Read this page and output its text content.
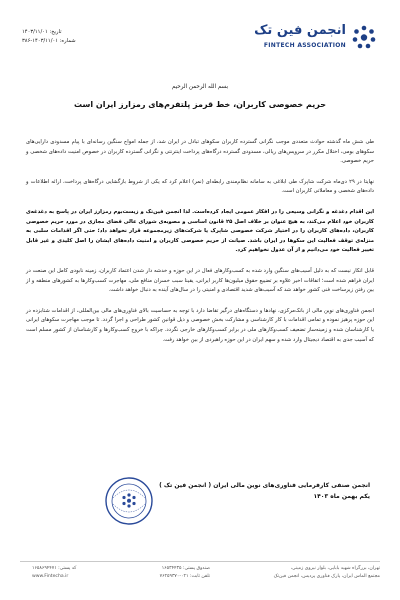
تاریخ: ۱۴۰۳/۱۱/۰۱
شماره: ۱۴۰۳/۱۱/۰۱-۳۸۶
انجمن فین تک
FINTECH ASSOCIATION
بسم الله الرحمن الرحیم
حریم خصوصی کاربران، خط قرمز پلتفرم‌های رمزارز ایران است

طی شش ماه گذشته حوادث متعددی موجب نگرانی گسترده کاربران سکوهای تبادل در ایران شد، از جمله امواج سنگین رسانه‌ای با پیام مسدودی دارایی‌های سکوهای بومی، اختلال مکرر در سرویس‌های ریالی، مسدودی گسترده درگاه‌های پرداخت اینترنتی و نگرانی گسترده کاربران در خصوص امنیت داده‌های شخصی و حریم خصوصی.

نهایتا در ۲۹ دی‌ماه شرکت شاپرک طی ابلاغی به سامانه نظام‌مندی رابطه‌ای (نمر) اعلام کرد که یکی از شروط بازگشایی درگاه‌های پرداخت، ارائه اطلاعات و داده‌های شخصی و معاملاتی کاربران است.

این اقدام دغدغه و نگرانی وسیعی را در افکار عمومی ایجاد کرده‌است. لذا انجمن فین‌تک و زیست‌بوم رمزارز ایران در پاسخ به دغدغه‌ی کاربران خود اعلام می‌کند، به هیچ عنوان بر خلاف اصل ۲۵ قانون اساسی و مصوبه‌ی شورای عالی فضای مجازی در مورد حریم خصوصی کاربران، داده‌های کاربران را در اختیار شرکت خصوصی شاپرک یا شرکت‌های زیرمجموعه قرار نخواهد داد؛ حتی اگر اقدامات سلبی به منزله‌ی توقف فعالیت این سکوها در ایران باشد. صیانت از حریم خصوصی کاربران و امنیت داده‌های ایشان را اصل کلیدی و غیر قابل تغییر فعالیت خود می‌دانیم و از آن عدول نخواهیم کرد.

قابل انکار نیست که به دلیل آسیب‌های سنگین وارد شده به کسب‌وکارهای فعال در این حوزه و خدشه دار شدن اعتماد کاربران، زمینه نابودی کامل این صنعت در ایران فراهم شده است؛ اتفاقات اخیر علاوه بر تضییع حقوق میلیون‌ها کاربر ایرانی، یقینا سبب خسران منافع ملی، مهاجرت کسب‌وکارها به کشورهای منطقه و از بین رفتن زیرساخت فنی کشور خواهد شد که آسیب‌های شدید اقتصادی و امنیتی را در سال‌های آینده به دنبال خواهد داشت.

انجمن فناوری‌های نوین مالی از بانک‌مرکزی، نهادها و دستگاه‌های درگیر تقاضا دارد با توجه به حساسیت بالای فناوری‌های مالی بین‌المللی، از اقدامات شتابزده در این حوزه پرهیز نموده و تمامی اقدامات با کار کارشناسی و مشارکت بخش خصوصی و ذیل قوانین کشور طراحی و اجرا گردد. تا موجب مهاجرت سکوهای ایرانی یا کارشناسان شده و زمینه‌ساز تضعیف کسب‌وکارهای ملی در برابر کسب‌وکارهای خارجی نگردد. چراکه با خروج کسب‌وکارها و کارشناسان از کشور مسلم است که آسیب جدی به اقتصاد دیجیتال وارد شده و سهم ایران در این حوزه راهبردی از بین خواهد رفت.

انجمن صنفی کارفرمایی فناوری‌های نوین مالی ایران ( انجمن فین تک )
یکم بهمن ماه ۱۴۰۳
تهران، بزرگراه شهید بابایی، بلوار نیروی زمینی،
مجتمع الماس ایران، پارک فناوری پردیس، انجمن فین‌تک
صندوق پستی: ۱۶۵۳۴۴۳۵
تلفن ثابت: ۰۲۱-۷۶۲۵۹۳۷۰
کد پستی: ۱۶۵۸۶۹۴۴۷۱
www.Fintecha.ir
